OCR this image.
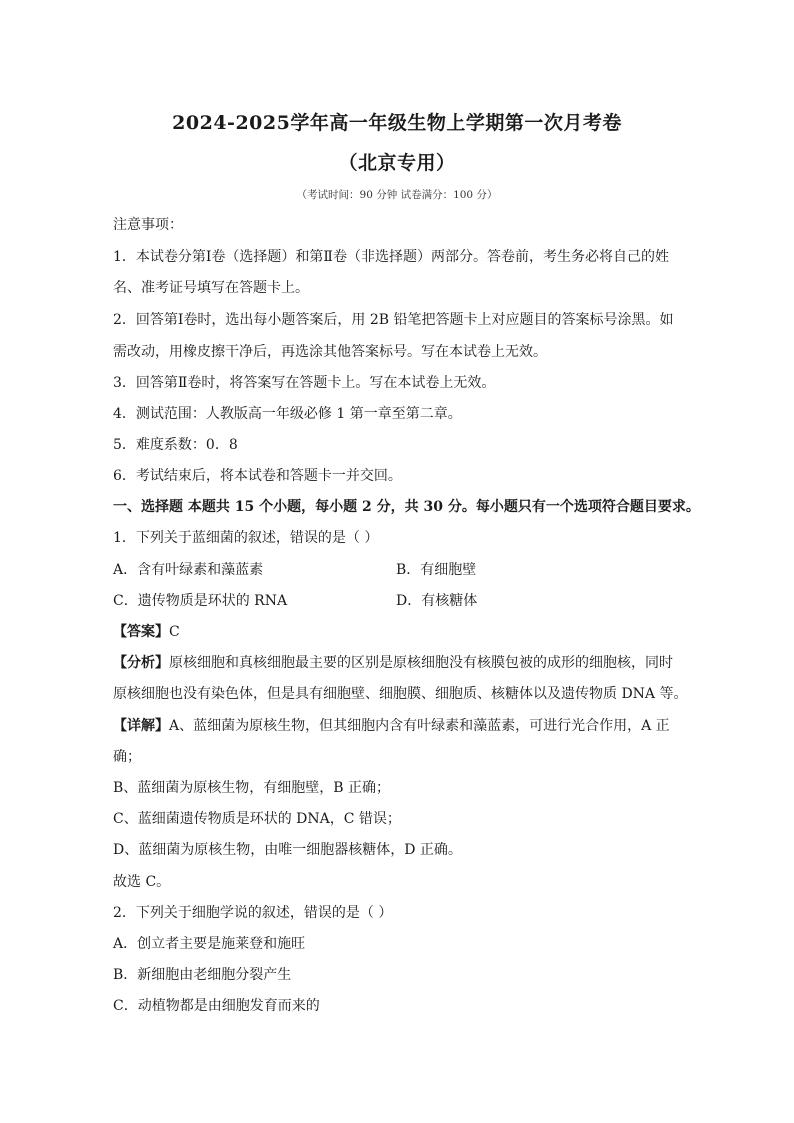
2024-2025学年高一年级生物上学期第一次月考卷
（北京专用）
（考试时间：90 分钟 试卷满分：100 分）
注意事项：
1．本试卷分第Ⅰ卷（选择题）和第Ⅱ卷（非选择题）两部分。答卷前，考生务必将自己的姓
名、准考证号填写在答题卡上。
2．回答第Ⅰ卷时，选出每小题答案后，用 2B 铅笔把答题卡上对应题目的答案标号涂黑。如
需改动，用橡皮擦干净后，再选涂其他答案标号。写在本试卷上无效。
3．回答第Ⅱ卷时，将答案写在答题卡上。写在本试卷上无效。
4．测试范围：人教版高一年级必修 1 第一章至第二章。
5．难度系数：0．8
6．考试结束后，将本试卷和答题卡一并交回。
一、选择题 本题共 15 个小题，每小题 2 分，共 30 分。每小题只有一个选项符合题目要求。
1．下列关于蓝细菌的叙述，错误的是（ ）
A．含有叶绿素和藻蓝素	B．有细胞壁
C．遗传物质是环状的 RNA	D．有核糖体
【答案】C
【分析】原核细胞和真核细胞最主要的区别是原核细胞没有核膜包被的成形的细胞核，同时
原核细胞也没有染色体，但是具有细胞壁、细胞膜、细胞质、核糖体以及遗传物质 DNA 等。
【详解】A、蓝细菌为原核生物，但其细胞内含有叶绿素和藻蓝素，可进行光合作用，A 正
确；
B、蓝细菌为原核生物，有细胞壁，B 正确；
C、蓝细菌遗传物质是环状的 DNA，C 错误；
D、蓝细菌为原核生物，由唯一细胞器核糖体，D 正确。
故选 C。
2．下列关于细胞学说的叙述，错误的是（ ）
A．创立者主要是施莱登和施旺
B．新细胞由老细胞分裂产生
C．动植物都是由细胞发育而来的
